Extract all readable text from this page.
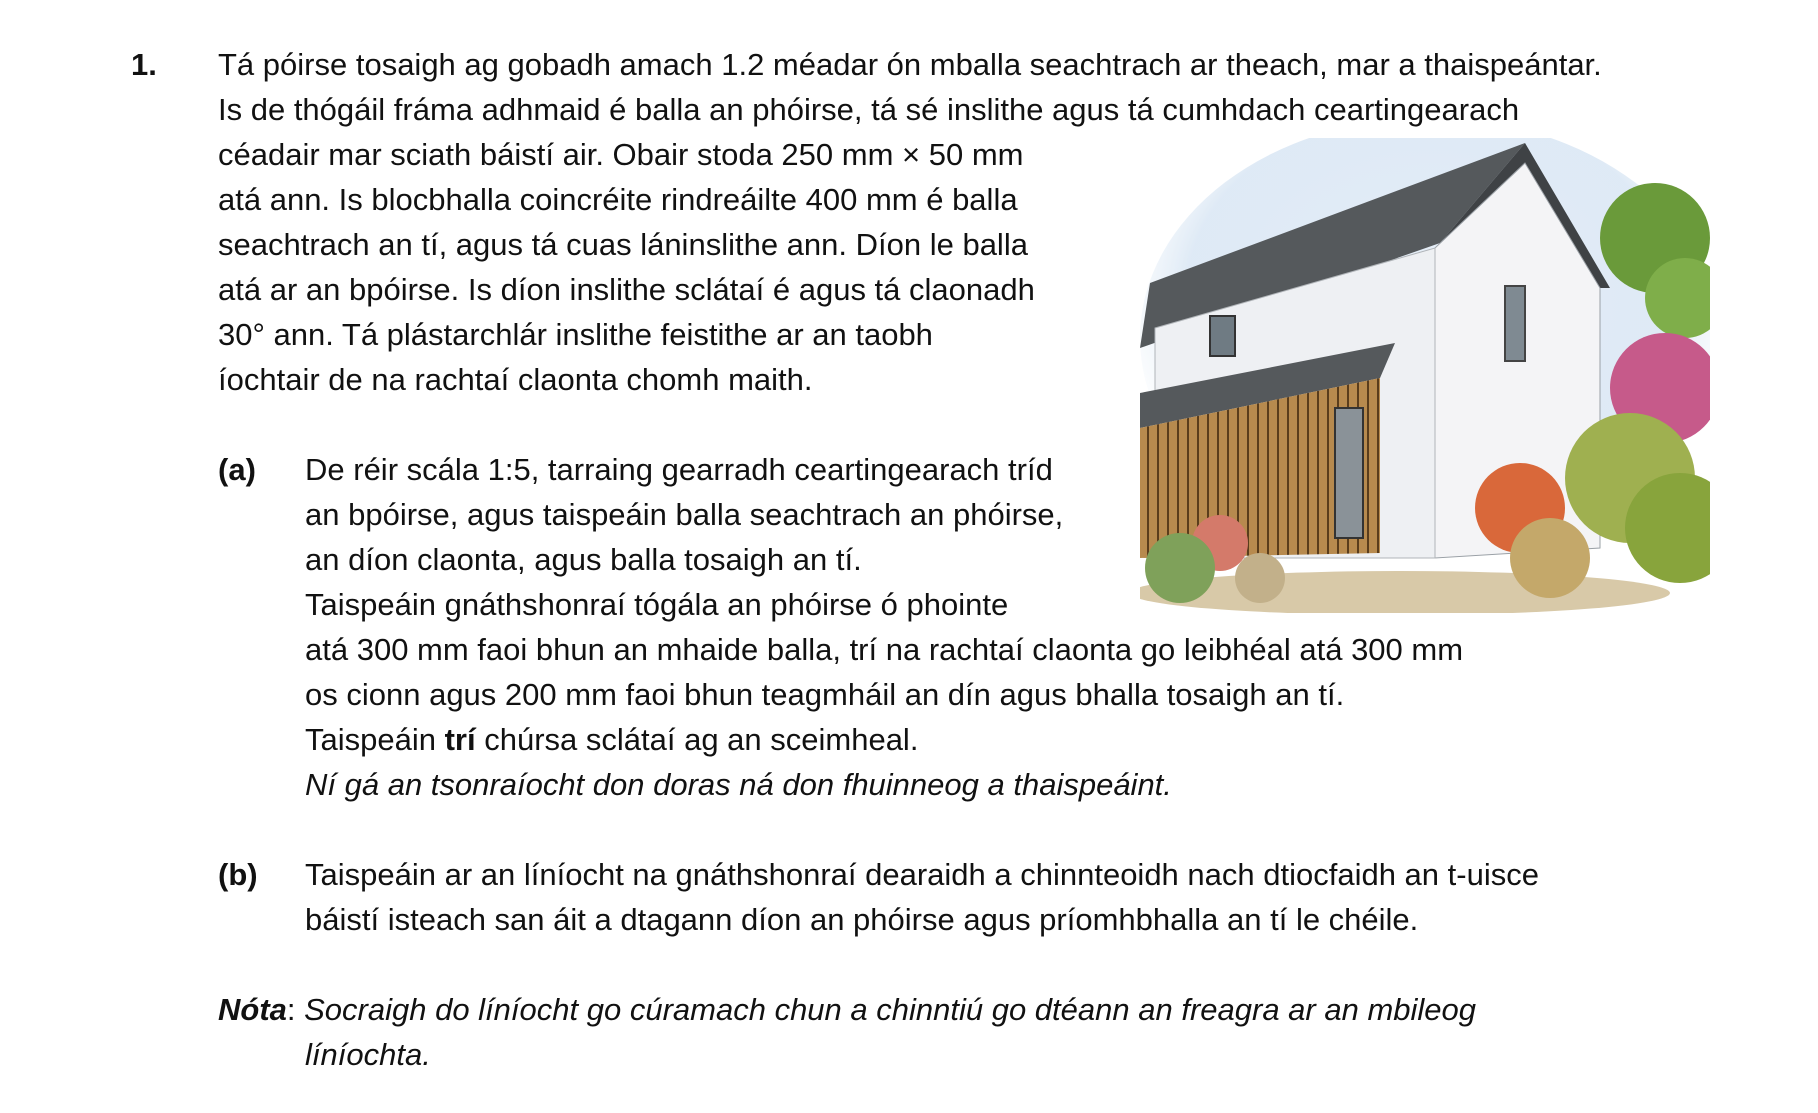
1. Tá póirse tosaigh ag gobadh amach 1.2 méadar ón mballa seachtrach ar theach, mar a thaispeántar.
Is de thógáil fráma adhmaid é balla an phóirse, tá sé inslithe agus tá cumhdach ceartingearach
céadair mar sciath báistí air. Obair stoda 250 mm × 50 mm
atá ann. Is blocbhalla coincréite rindreáilte 400 mm é balla
seachtrach an tí, agus tá cuas láninslithe ann. Díon le balla
atá ar an bpóirse. Is díon inslithe sclátaí é agus tá claonadh
30° ann. Tá plástarchlár inslithe feistithe ar an taobh
íochtair de na rachtaí claonta chomh maith.
(a) De réir scála 1:5, tarraing gearradh ceartingearach tríd
an bpóirse, agus taispeáin balla seachtrach an phóirse,
an díon claonta, agus balla tosaigh an tí.
Taispeáin gnáthshonraí tógála an phóirse ó phointe
atá 300 mm faoi bhun an mhaide balla, trí na rachtaí claonta go leibhéal atá 300 mm
os cionn agus 200 mm faoi bhun teagmháil an dín agus bhalla tosaigh an tí.
Taispeáin trí chúrsa sclátaí ag an sceimheal.
Ní gá an tsonraíocht don doras ná don fhuinneog a thaispeáint.
(b) Taispeáin ar an líníocht na gnáthshonraí dearaidh a chinnteoidh nach dtiocfaidh an t-uisce
báistí isteach san áit a dtagann díon an phóirse agus príomhbhalla an tí le chéile.
Nóta: Socraigh do líníocht go cúramach chun a chinntiú go dtéann an freagra ar an mbileog
líníochta.
